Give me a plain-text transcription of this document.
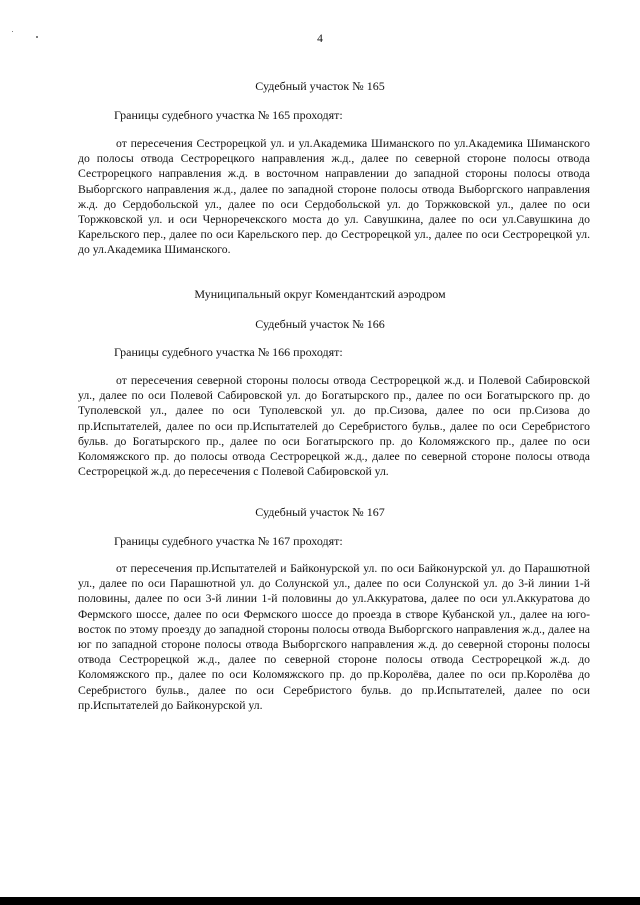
4
Судебный участок № 165
Границы судебного участка № 165 проходят:
от пересечения Сестрорецкой ул. и ул.Академика Шиманского по ул.Академика Шиманского до полосы отвода Сестрорецкого направления ж.д., далее по северной стороне полосы отвода Сестрорецкого направления ж.д. в восточном направлении до западной стороны полосы отвода Выборгского направления ж.д., далее по западной стороне полосы отвода Выборгского направления ж.д. до Сердобольской ул., далее по оси Сердобольской ул. до Торжковской ул., далее по оси Торжковской ул. и оси Черноречекского моста до ул. Савушкина, далее по оси ул.Савушкина до Карельского пер., далее по оси Карельского пер. до Сестрорецкой ул., далее по оси Сестрорецкой ул. до ул.Академика Шиманского.
Муниципальный округ Комендантский аэродром
Судебный участок № 166
Границы судебного участка № 166 проходят:
от пересечения северной стороны полосы отвода Сестрорецкой ж.д. и Полевой Сабировской ул., далее по оси Полевой Сабировской ул. до Богатырского пр., далее по оси Богатырского пр. до Туполевской ул., далее по оси Туполевской ул. до пр.Сизова, далее по оси пр.Сизова до пр.Испытателей, далее по оси пр.Испытателей до Серебристого бульв., далее по оси Серебристого бульв. до Богатырского пр., далее по оси Богатырского пр. до Коломяжского пр., далее по оси Коломяжского пр. до полосы отвода Сестрорецкой ж.д., далее по северной стороне полосы отвода Сестрорецкой ж.д. до пересечения с Полевой Сабировской ул.
Судебный участок № 167
Границы судебного участка № 167 проходят:
от пересечения пр.Испытателей и Байконурской ул. по оси Байконурской ул. до Парашютной ул., далее по оси Парашютной ул. до Солунской ул., далее по оси Солунской ул. до 3-й линии 1-й половины, далее по оси 3-й линии 1-й половины до ул.Аккуратова, далее по оси ул.Аккуратова до Фермского шоссе, далее по оси Фермского шоссе до проезда в створе Кубанской ул., далее на юго-восток по этому проезду до западной стороны полосы отвода Выборгского направления ж.д., далее на юг по западной стороне полосы отвода Выборгского направления ж.д. до северной стороны полосы отвода Сестрорецкой ж.д., далее по северной стороне полосы отвода Сестрорецкой ж.д. до Коломяжского пр., далее по оси Коломяжского пр. до пр.Королёва, далее по оси пр.Королёва до Серебристого бульв., далее по оси Серебристого бульв. до пр.Испытателей, далее по оси пр.Испытателей до Байконурской ул.
